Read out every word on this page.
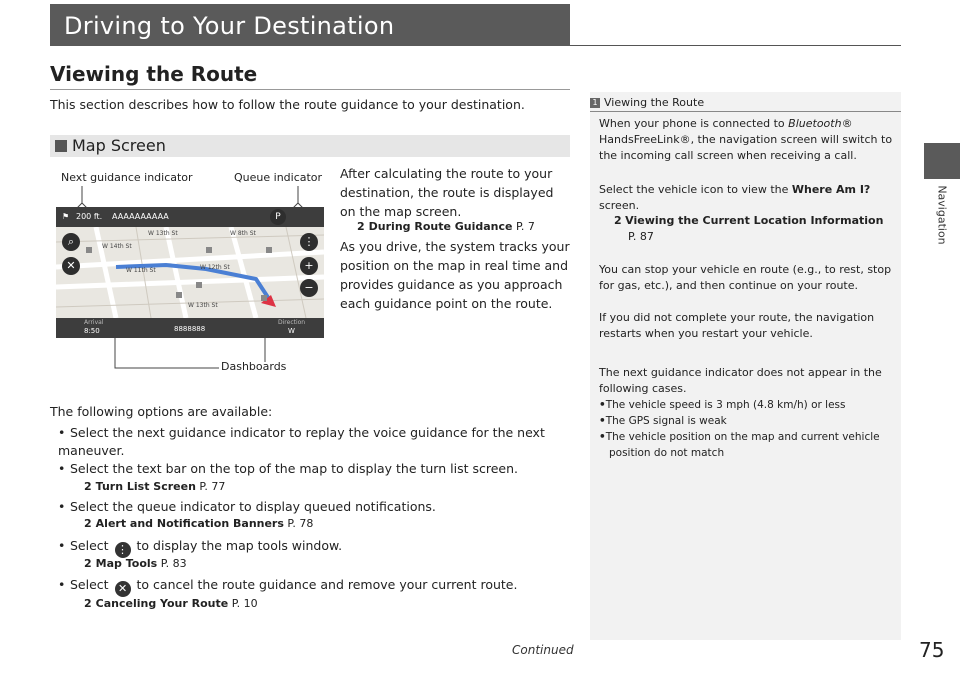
Driving to Your Destination
Viewing the Route
Navigation
This section describes how to follow the route guidance to your destination.
Map Screen
Next guidance indicator	Queue indicator
Dashboards
⚑ 200 ft. AAAAAAAAAA	P
W 13th St	W 8th St
W 14th St
W 12th St
W 11th St
W 13th St
⌕
✕
⋮
+
−
Arrival
8:50	8888888
Direction
W
After calculating the route to your destination, the route is displayed on the map screen.
2 During Route Guidance P. 7
As you drive, the system tracks your position on the map in real time and provides guidance as you approach each guidance point on the route.
The following options are available:
• Select the next guidance indicator to replay the voice guidance for the next maneuver.
• Select the text bar on the top of the map to display the turn list screen.
2 Turn List Screen P. 77
• Select the queue indicator to display queued notifications.
2 Alert and Notification Banners P. 78
• Select ⋮ to display the map tools window.
2 Map Tools P. 83
• Select ✕ to cancel the route guidance and remove your current route.
2 Canceling Your Route P. 10
1 Viewing the Route
When your phone is connected to Bluetooth® HandsFreeLink®, the navigation screen will switch to the incoming call screen when receiving a call.
Select the vehicle icon to view the Where Am I? screen.
2 Viewing the Current Location Information
P. 87
You can stop your vehicle en route (e.g., to rest, stop for gas, etc.), and then continue on your route.
If you did not complete your route, the navigation restarts when you restart your vehicle.
The next guidance indicator does not appear in the following cases.
•The vehicle speed is 3 mph (4.8 km/h) or less
•The GPS signal is weak
•The vehicle position on the map and current vehicle position do not match
Continued	75
